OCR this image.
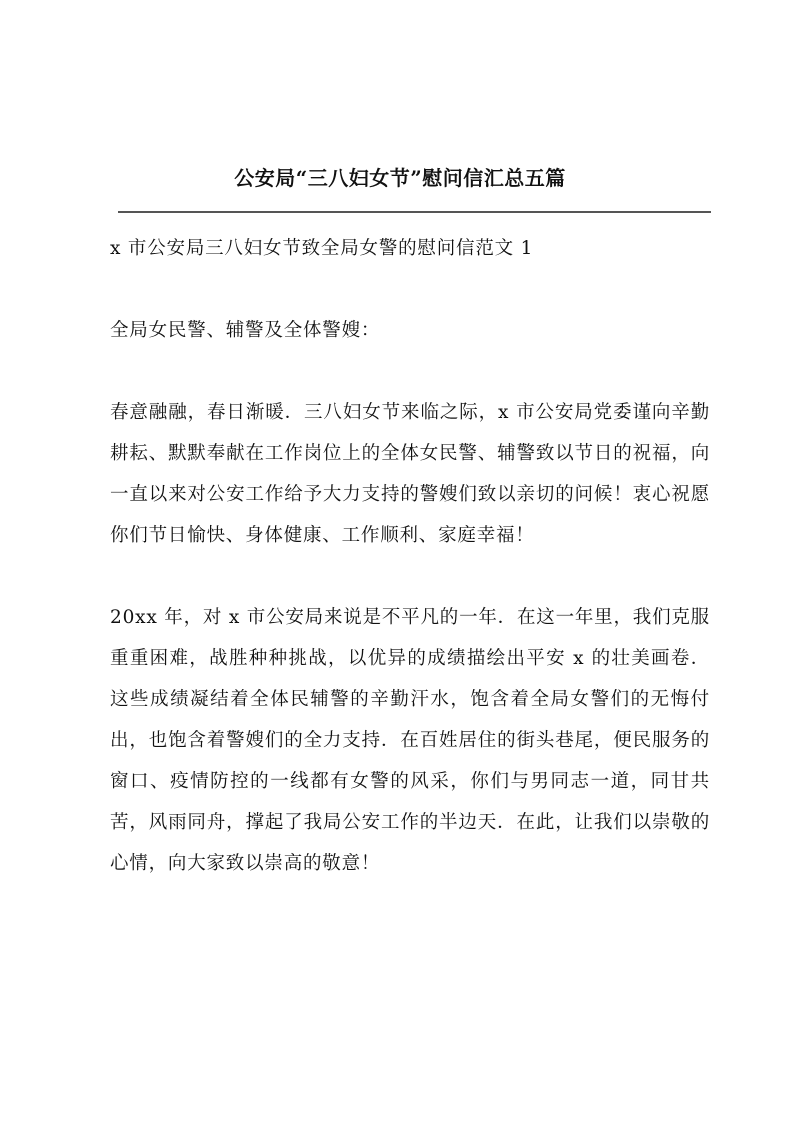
公安局“三八妇女节”慰问信汇总五篇

x 市公安局三八妇女节致全局女警的慰问信范文 1

全局女民警、辅警及全体警嫂：

春意融融，春日渐暖．三八妇女节来临之际，x 市公安局党委谨向辛勤耕耘、默默奉献在工作岗位上的全体女民警、辅警致以节日的祝福，向一直以来对公安工作给予大力支持的警嫂们致以亲切的问候！衷心祝愿你们节日愉快、身体健康、工作顺利、家庭幸福！

20xx 年，对 x 市公安局来说是不平凡的一年．在这一年里，我们克服重重困难，战胜种种挑战，以优异的成绩描绘出平安 x 的壮美画卷．这些成绩凝结着全体民辅警的辛勤汗水，饱含着全局女警们的无悔付出，也饱含着警嫂们的全力支持．在百姓居住的街头巷尾，便民服务的窗口、疫情防控的一线都有女警的风采，你们与男同志一道，同甘共苦，风雨同舟，撑起了我局公安工作的半边天．在此，让我们以崇敬的心情，向大家致以崇高的敬意！
